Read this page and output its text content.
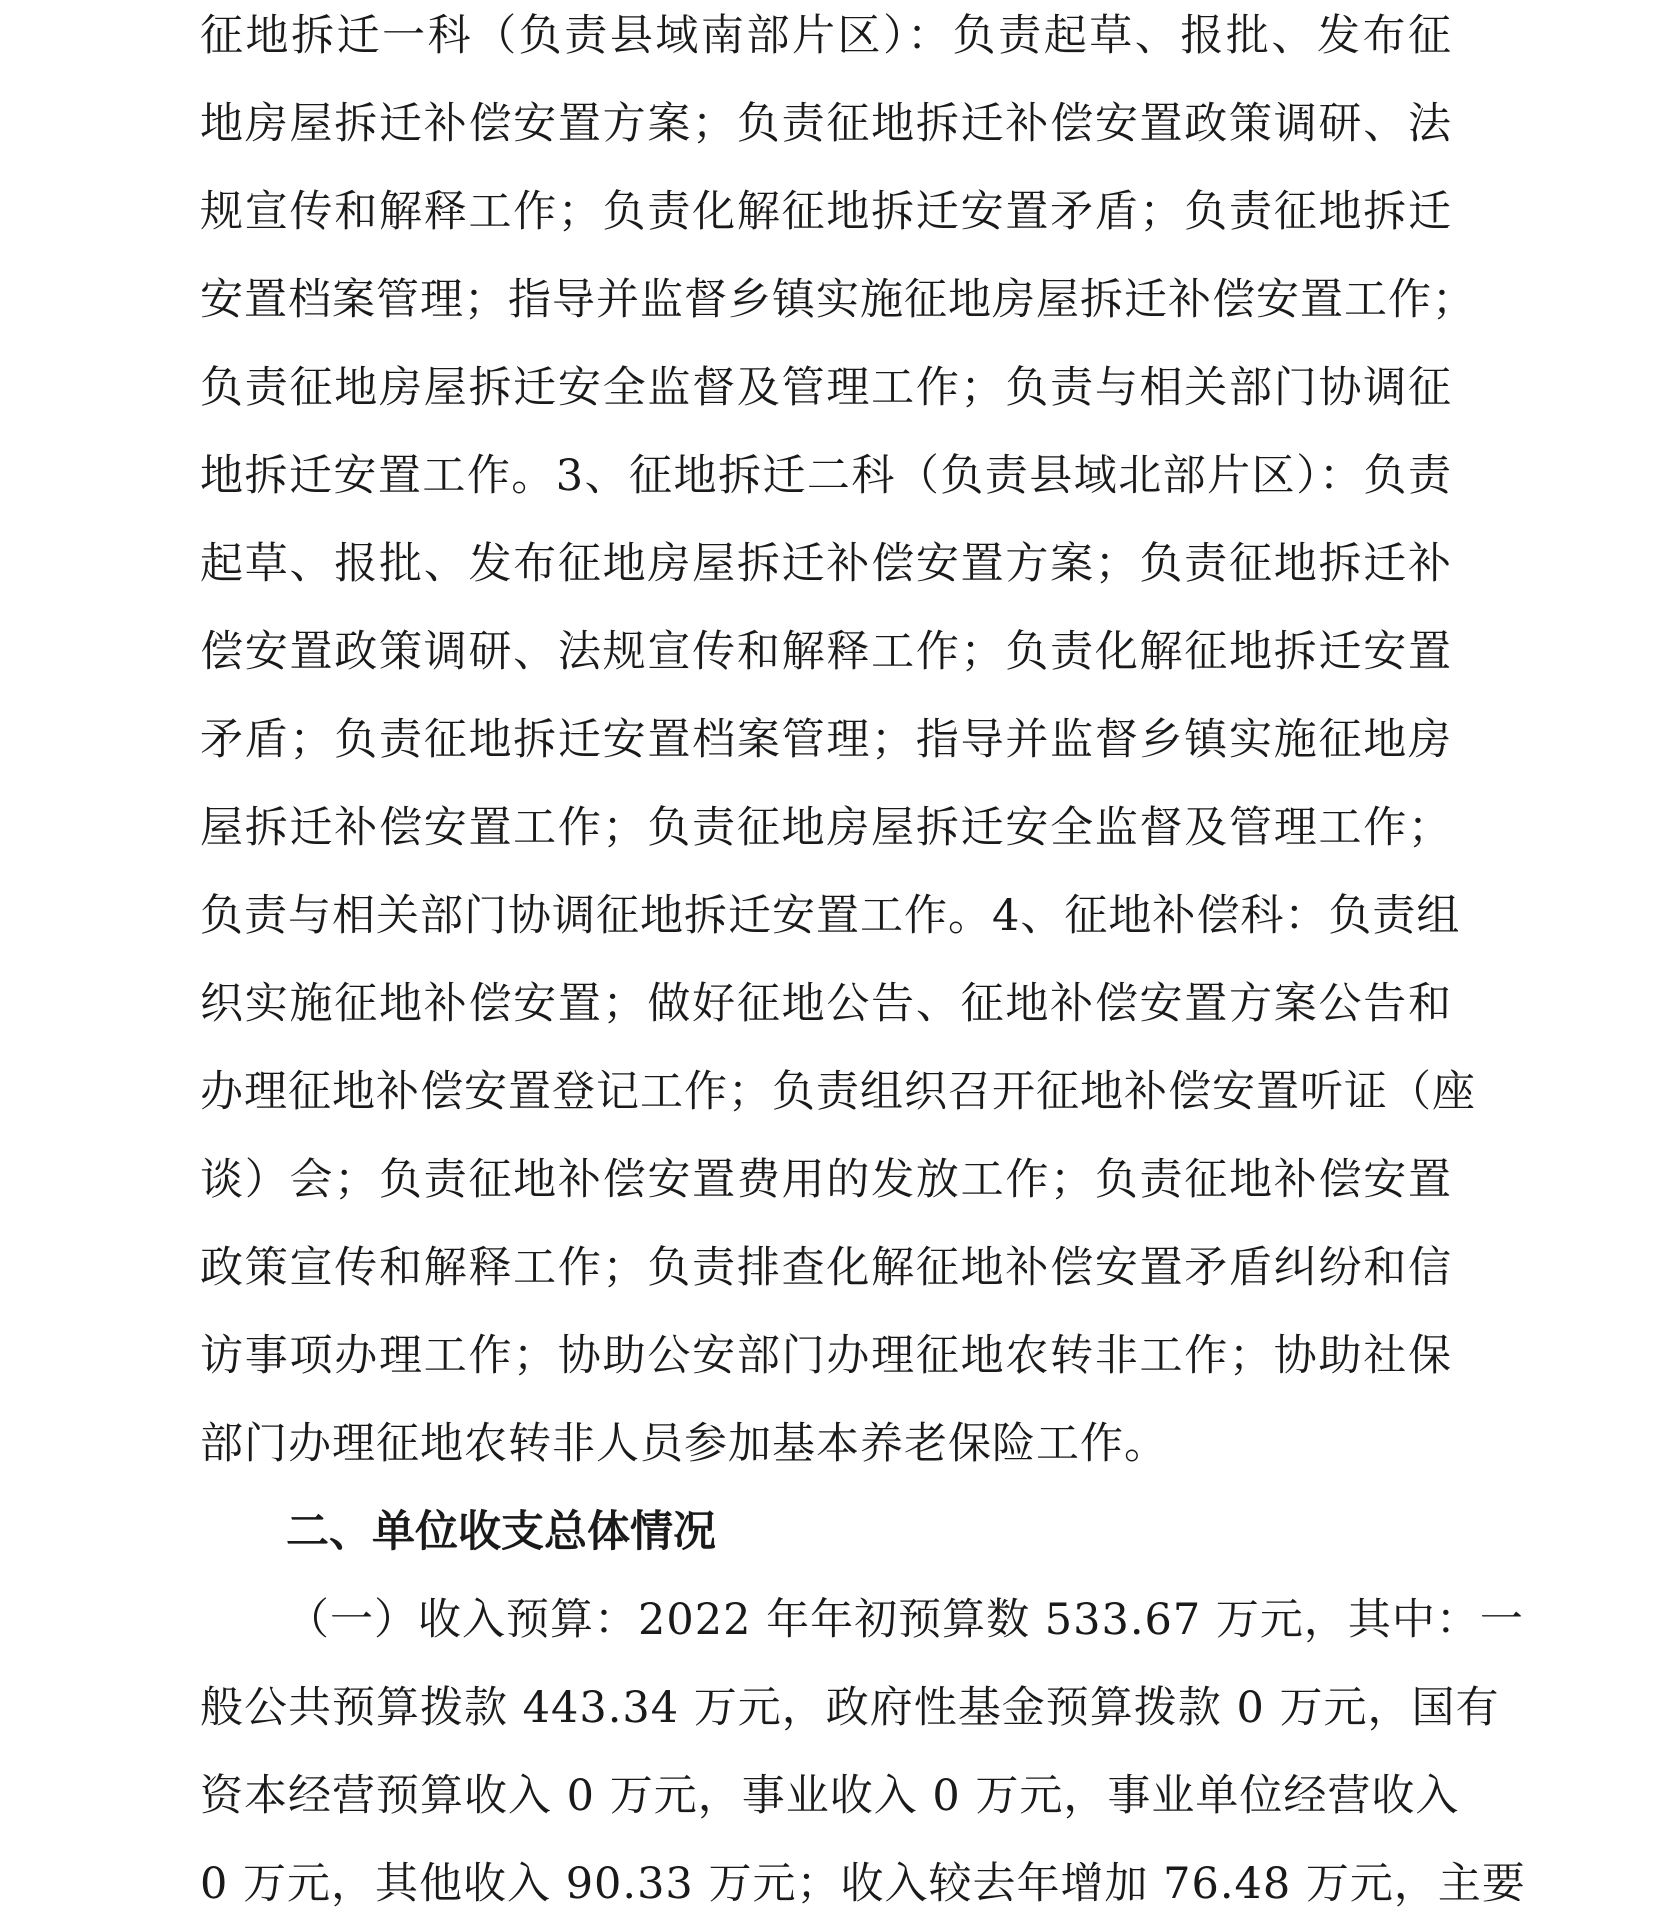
征地拆迁一科（负责县域南部片区）：负责起草、报批、发布征
地房屋拆迁补偿安置方案；负责征地拆迁补偿安置政策调研、法
规宣传和解释工作；负责化解征地拆迁安置矛盾；负责征地拆迁
安置档案管理；指导并监督乡镇实施征地房屋拆迁补偿安置工作；
负责征地房屋拆迁安全监督及管理工作；负责与相关部门协调征
地拆迁安置工作。3、征地拆迁二科（负责县域北部片区）：负责
起草、报批、发布征地房屋拆迁补偿安置方案；负责征地拆迁补
偿安置政策调研、法规宣传和解释工作；负责化解征地拆迁安置
矛盾；负责征地拆迁安置档案管理；指导并监督乡镇实施征地房
屋拆迁补偿安置工作；负责征地房屋拆迁安全监督及管理工作；
负责与相关部门协调征地拆迁安置工作。4、征地补偿科：负责组
织实施征地补偿安置；做好征地公告、征地补偿安置方案公告和
办理征地补偿安置登记工作；负责组织召开征地补偿安置听证（座
谈）会；负责征地补偿安置费用的发放工作；负责征地补偿安置
政策宣传和解释工作；负责排查化解征地补偿安置矛盾纠纷和信
访事项办理工作；协助公安部门办理征地农转非工作；协助社保
部门办理征地农转非人员参加基本养老保险工作。
二、单位收支总体情况
（一）收入预算：2022 年年初预算数 533.67 万元，其中：一
般公共预算拨款 443.34 万元，政府性基金预算拨款 0 万元，国有
资本经营预算收入 0 万元，事业收入 0 万元，事业单位经营收入
0 万元，其他收入 90.33 万元；收入较去年增加 76.48 万元，主要
